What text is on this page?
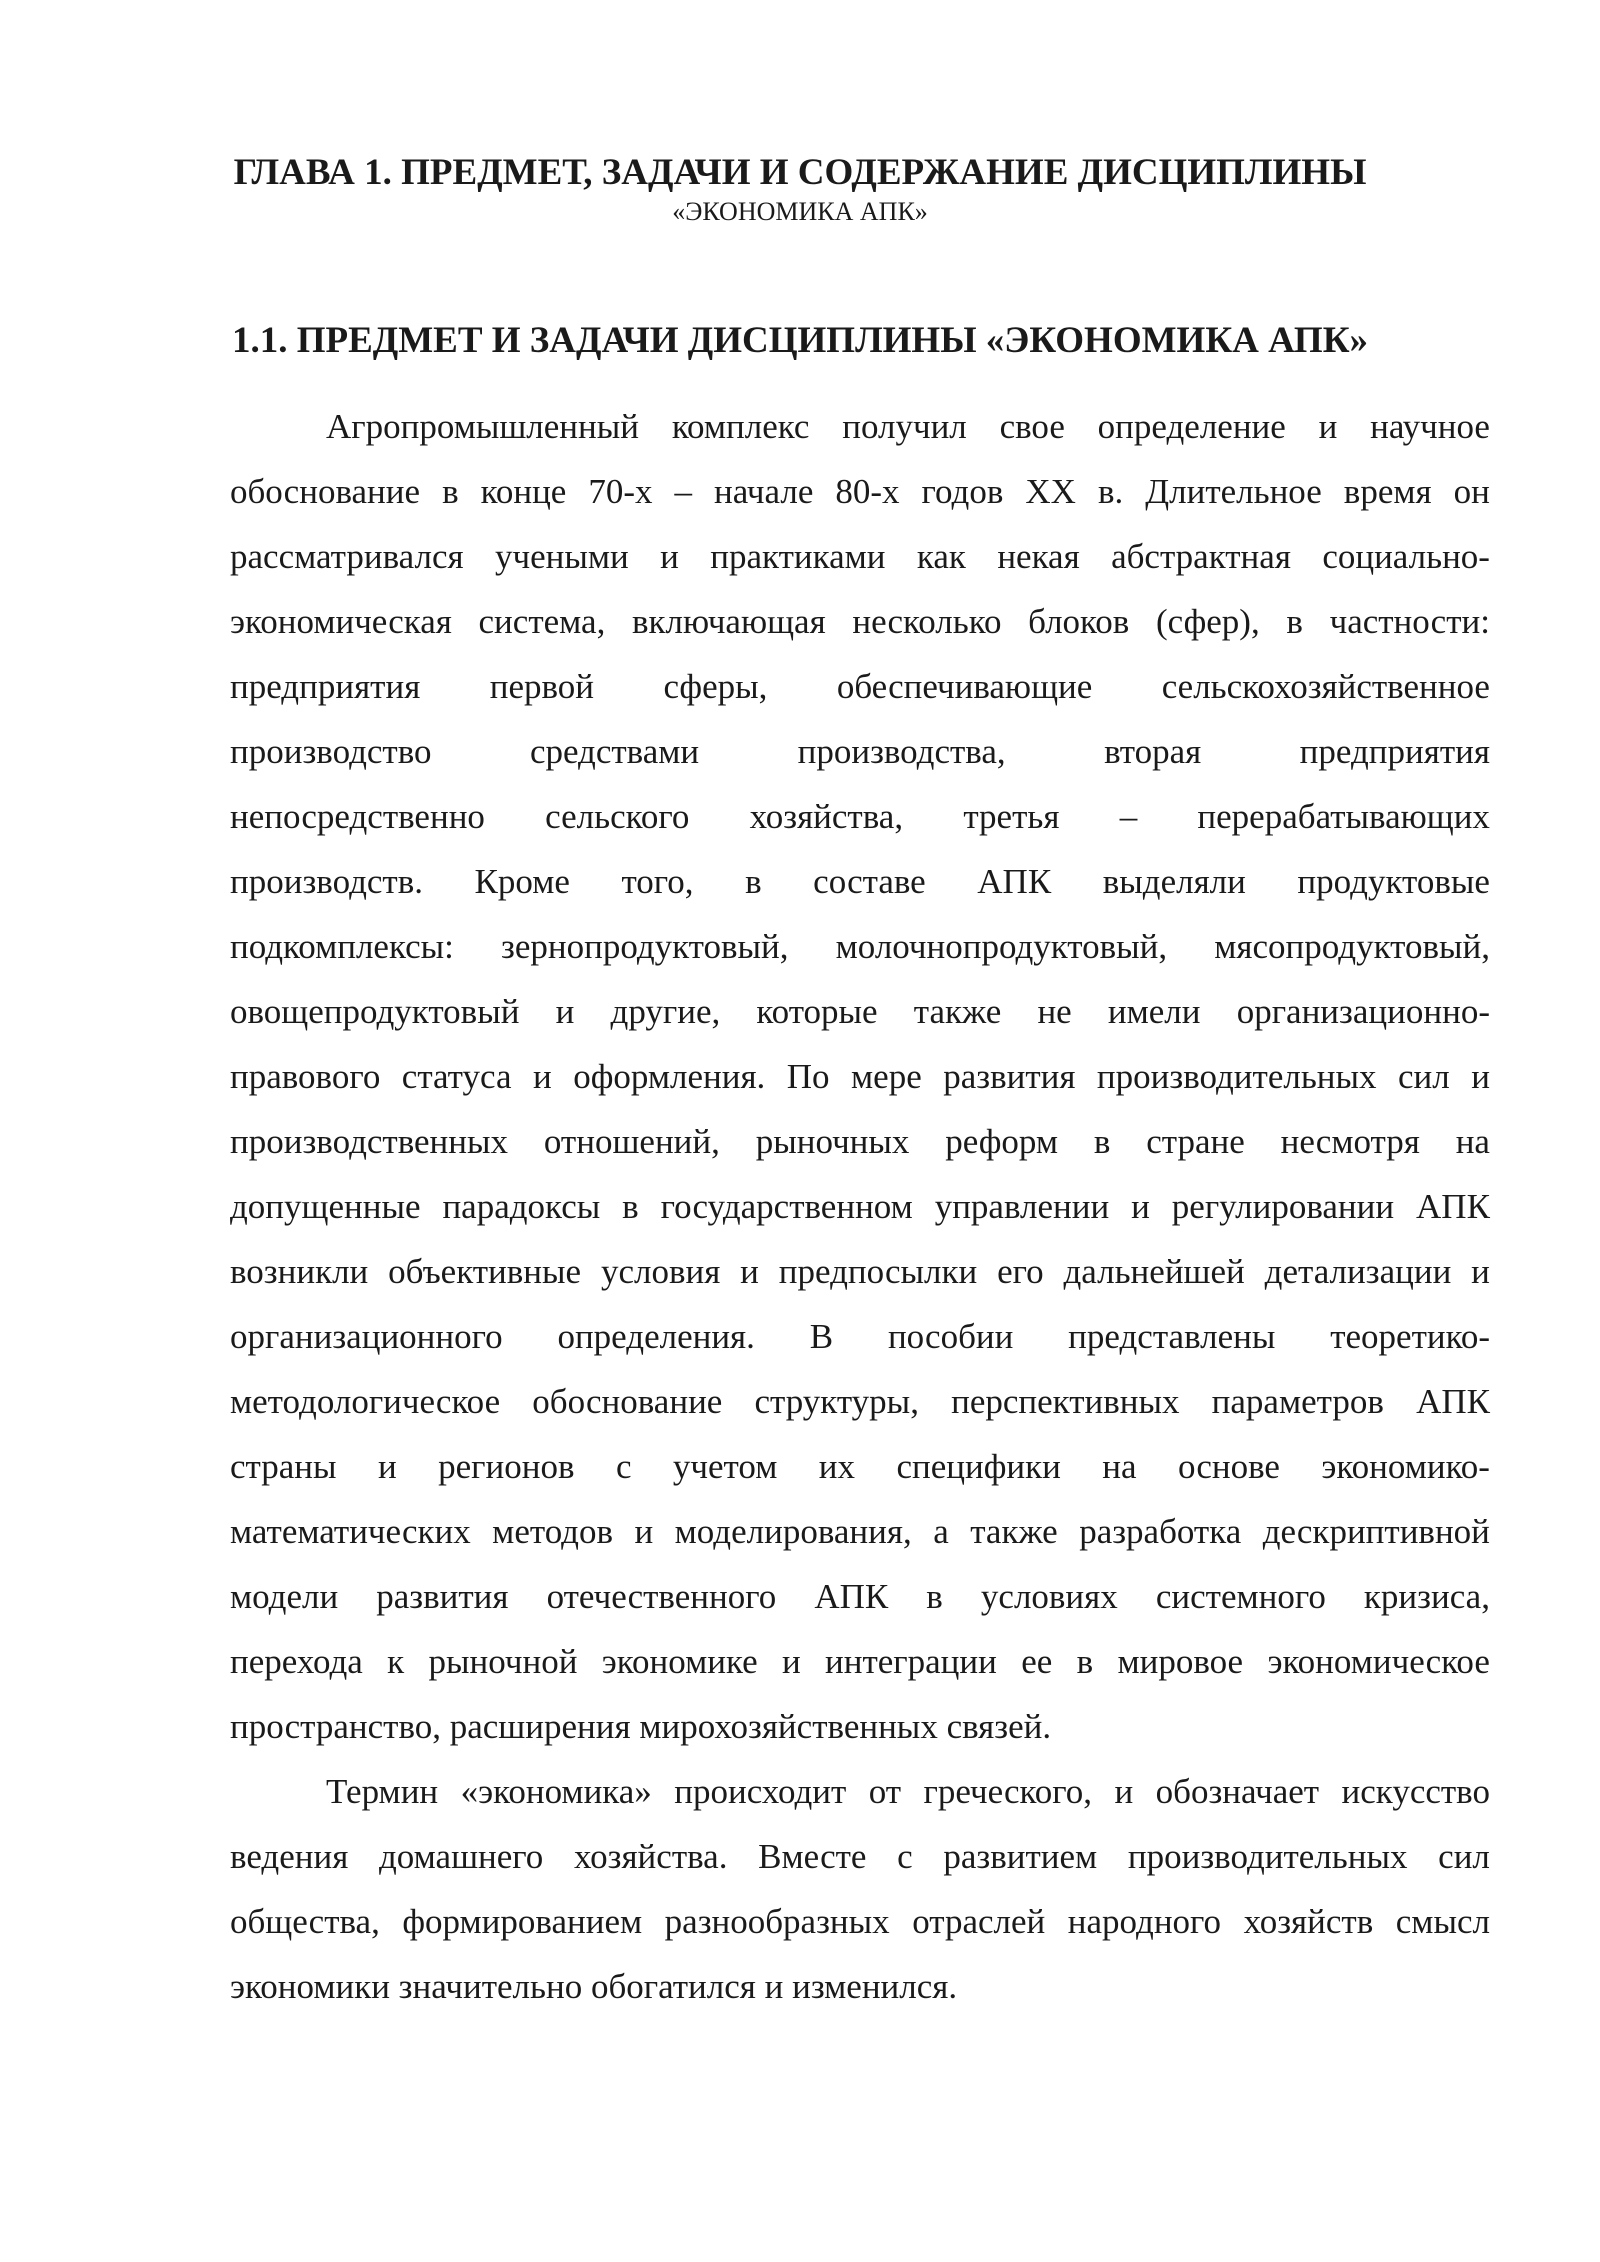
ГЛАВА 1. ПРЕДМЕТ, ЗАДАЧИ И СОДЕРЖАНИЕ ДИСЦИПЛИНЫ
«ЭКОНОМИКА АПК»
1.1. ПРЕДМЕТ И ЗАДАЧИ ДИСЦИПЛИНЫ «ЭКОНОМИКА АПК»
Агропромышленный комплекс получил свое определение и научное
обоснование в конце 70-х – начале 80-х годов XX в. Длительное время он
рассматривался учеными и практиками как некая абстрактная социально-
экономическая система, включающая несколько блоков (сфер), в частности:
предприятия первой сферы, обеспечивающие сельскохозяйственное
производство	средствами	производства,	вторая	предприятия
непосредственно сельского хозяйства, третья – перерабатывающих
производств. Кроме того, в составе АПК выделяли продуктовые
подкомплексы: зернопродуктовый, молочнопродуктовый, мясопродуктовый,
овощепродуктовый и другие, которые также не имели организационно-
правового статуса и оформления. По мере развития производительных сил и
производственных отношений, рыночных реформ в стране несмотря на
допущенные парадоксы в государственном управлении и регулировании АПК
возникли объективные условия и предпосылки его дальнейшей детализации и
организационного определения. В пособии представлены теоретико-
методологическое обоснование структуры, перспективных параметров АПК
страны и регионов с учетом их специфики на основе экономико-
математических методов и моделирования, а также разработка дескриптивной
модели развития отечественного АПК в условиях системного кризиса,
перехода к рыночной экономике и интеграции ее в мировое экономическое
пространство, расширения мирохозяйственных связей.
Термин «экономика» происходит от греческого, и обозначает искусство
ведения домашнего хозяйства. Вместе с развитием производительных сил
общества, формированием разнообразных отраслей народного хозяйств смысл
экономики значительно обогатился и изменился.
